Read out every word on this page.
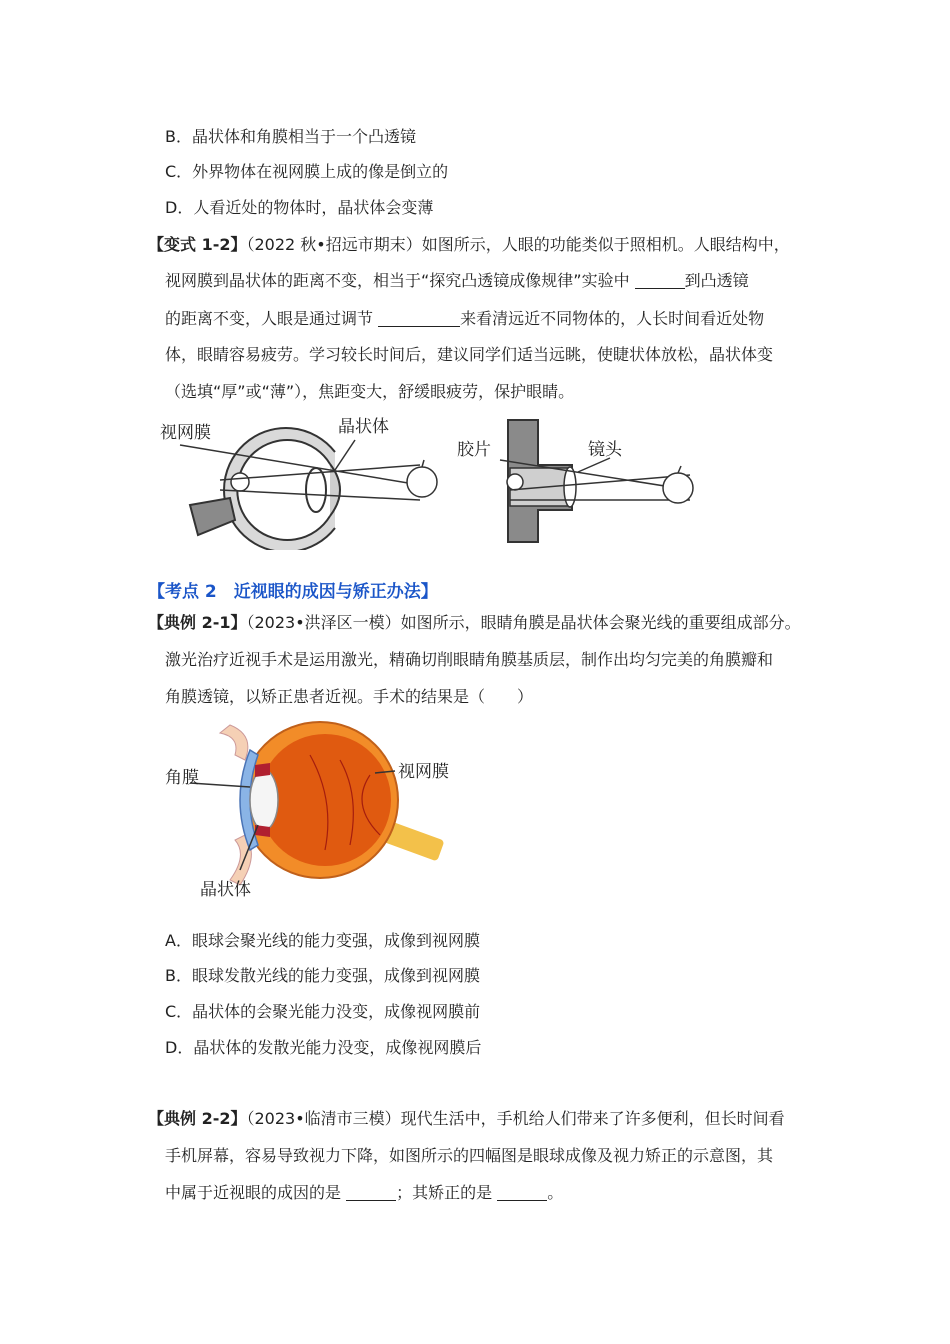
B．晶状体和角膜相当于一个凸透镜
C．外界物体在视网膜上成的像是倒立的
D．人看近处的物体时，晶状体会变薄
【变式 1-2】（2022 秋•招远市期末）如图所示，人眼的功能类似于照相机。人眼结构中，
视网膜到晶状体的距离不变，相当于“探究凸透镜成像规律”实验中	到凸透镜
的距离不变，人眼是通过调节	来看清远近不同物体的，人长时间看近处物
体，眼睛容易疲劳。学习较长时间后，建议同学们适当远眺，使睫状体放松，晶状体变
（选填“厚”或“薄”），焦距变大，舒缓眼疲劳，保护眼睛。
视网膜	晶状体
胶片	镜头
【考点 2　近视眼的成因与矫正办法】
【典例 2-1】（2023•洪泽区一模）如图所示，眼睛角膜是晶状体会聚光线的重要组成部分。
激光治疗近视手术是运用激光，精确切削眼睛角膜基质层，制作出均匀完美的角膜瓣和
角膜透镜，以矫正患者近视。手术的结果是（　　）
角膜	视网膜
晶状体
A．眼球会聚光线的能力变强，成像到视网膜
B．眼球发散光线的能力变强，成像到视网膜
C．晶状体的会聚光能力没变，成像视网膜前
D．晶状体的发散光能力没变，成像视网膜后
【典例 2-2】（2023•临清市三模）现代生活中，手机给人们带来了许多便利，但长时间看
手机屏幕，容易导致视力下降，如图所示的四幅图是眼球成像及视力矫正的示意图，其
中属于近视眼的成因的是	；其矫正的是	。
